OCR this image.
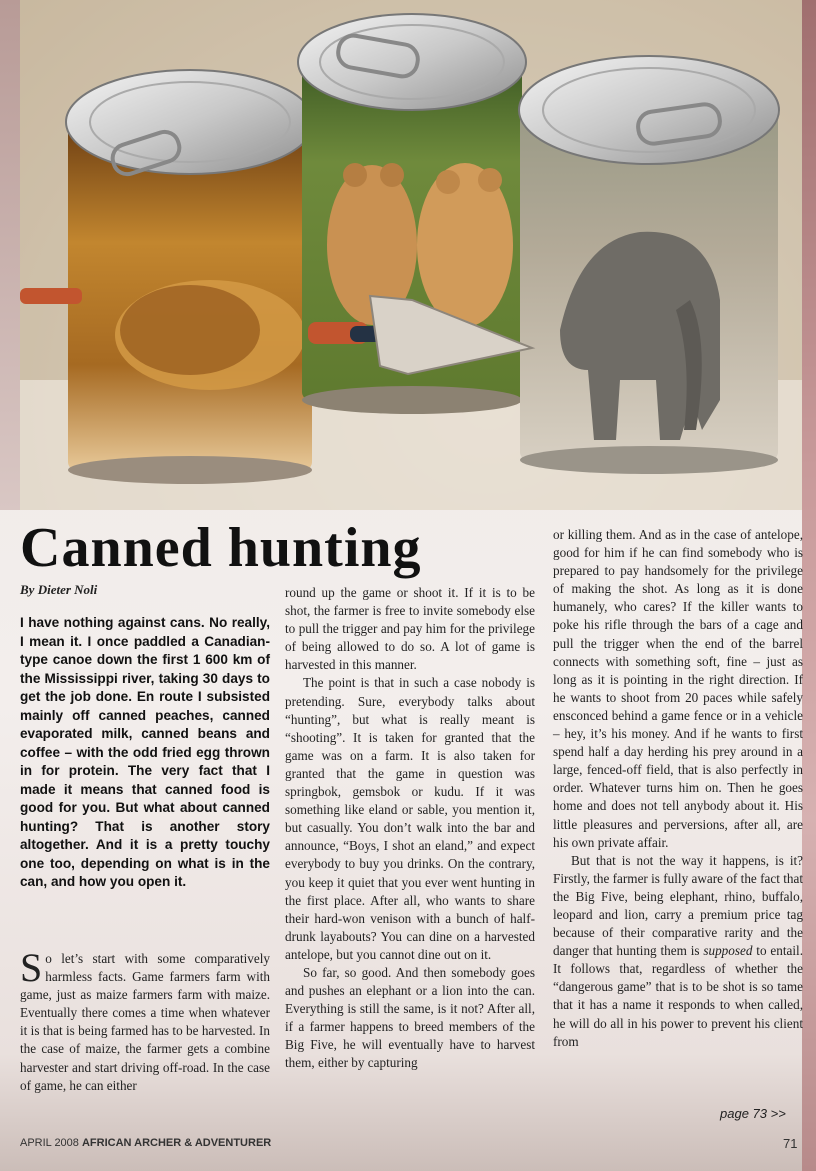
Canned hunting
By Dieter Noli
I have nothing against cans. No really, I mean it. I once paddled a Canadian-type canoe down the first 1 600 km of the Mississippi river, taking 30 days to get the job done. En route I subsisted mainly off canned peaches, canned evaporated milk, canned beans and coffee – with the odd fried egg thrown in for protein. The very fact that I made it means that canned food is good for you. But what about canned hunting? That is another story altogether. And it is a pretty touchy one too, depending on what is in the can, and how you open it.

So let’s start with some comparatively harmless facts. Game farmers farm with game, just as maize farmers farm with maize. Eventually there comes a time when whatever it is that is being farmed has to be harvested. In the case of maize, the farmer gets a combine harvester and start driving off-road. In the case of game, he can either

round up the game or shoot it. If it is to be shot, the farmer is free to invite somebody else to pull the trigger and pay him for the privilege of being allowed to do so. A lot of game is harvested in this manner.

The point is that in such a case nobody is pretending. Sure, everybody talks about “hunting”, but what is really meant is “shooting”. It is taken for granted that the game was on a farm. It is also taken for granted that the game in question was springbok, gemsbok or kudu. If it was something like eland or sable, you mention it, but casually. You don’t walk into the bar and announce, “Boys, I shot an eland,” and expect everybody to buy you drinks. On the contrary, you keep it quiet that you ever went hunting in the first place. After all, who wants to share their hard-won venison with a bunch of half-drunk layabouts? You can dine on a harvested antelope, but you cannot dine out on it.

So far, so good. And then somebody goes and pushes an elephant or a lion into the can. Everything is still the same, is it not? After all, if a farmer happens to breed members of the Big Five, he will eventually have to harvest them, either by capturing

or killing them. And as in the case of antelope, good for him if he can find somebody who is prepared to pay handsomely for the privilege of making the shot. As long as it is done humanely, who cares? If the killer wants to poke his rifle through the bars of a cage and pull the trigger when the end of the barrel connects with something soft, fine – just as long as it is pointing in the right direction. If he wants to shoot from 20 paces while safely ensconced behind a game fence or in a vehicle – hey, it’s his money. And if he wants to first spend half a day herding his prey around in a large, fenced-off field, that is also perfectly in order. Whatever turns him on. Then he goes home and does not tell anybody about it. His little pleasures and perversions, after all, are his own private affair.

But that is not the way it happens, is it? Firstly, the farmer is fully aware of the fact that the Big Five, being elephant, rhino, buffalo, leopard and lion, carry a premium price tag because of their comparative rarity and the danger that hunting them is supposed to entail. It follows that, regardless of whether the “dangerous game” that is to be shot is so tame that it has a name it responds to when called, he will do all in his power to prevent his client from

page 73 >>
APRIL 2008 AFRICAN ARCHER & ADVENTURER	71
